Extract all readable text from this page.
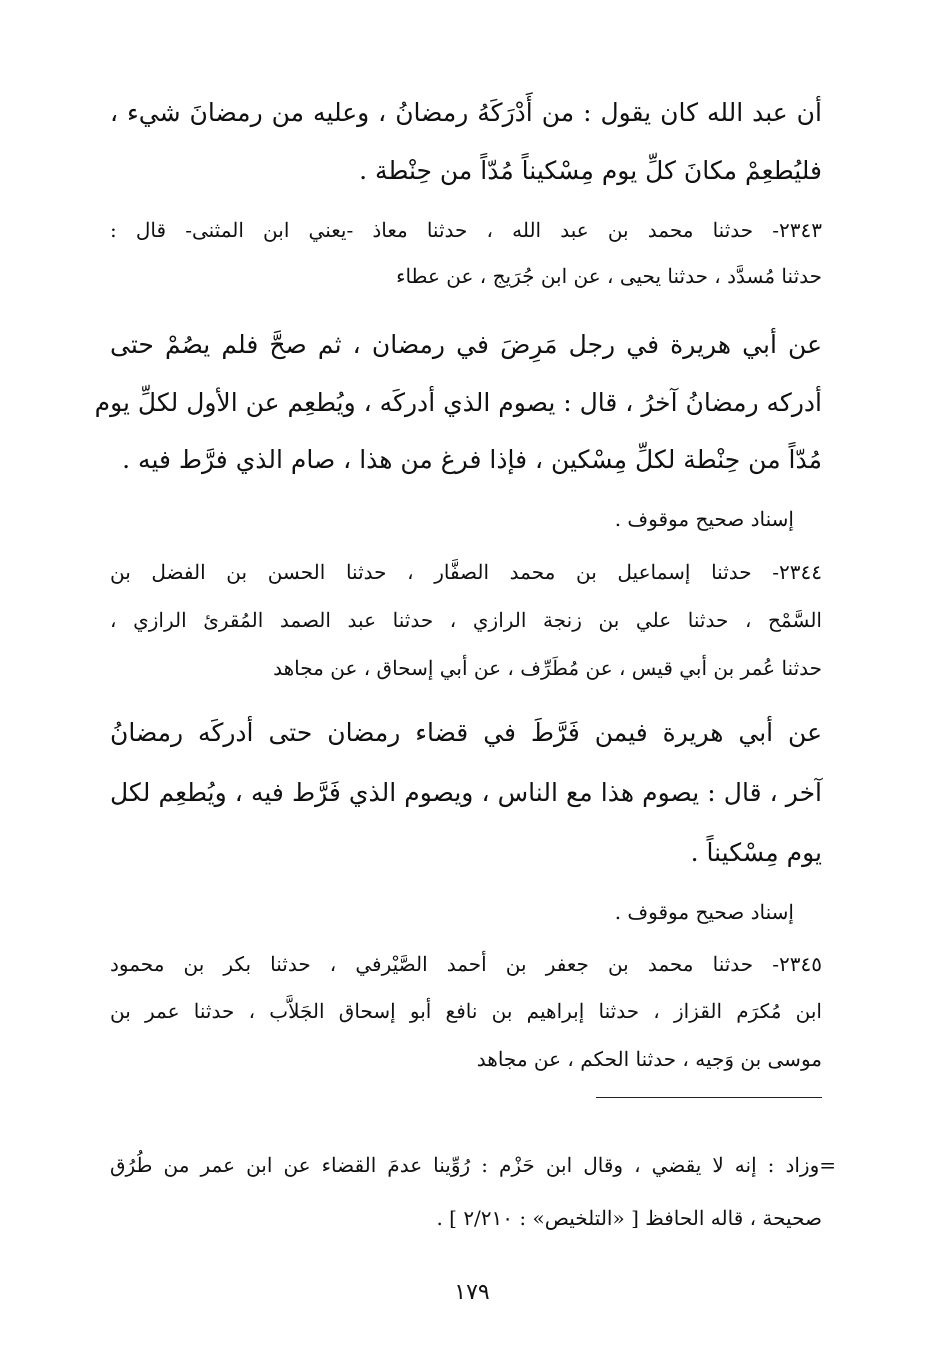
أن عبد الله كان يقول : من أَدْرَكَهُ رمضانُ ، وعليه من رمضانَ شيء ،
فليُطعِمْ مكانَ كلِّ يوم مِسْكيناً مُدّاً من حِنْطة .
٢٣٤٣- حدثنا محمد بن عبد الله ، حدثنا معاذ -يعني ابن المثنى- قال :
حدثنا مُسدَّد ، حدثنا يحيى ، عن ابن جُرَيج ، عن عطاء
عن أبي هريرة في رجل مَرِضَ في رمضان ، ثم صحَّ فلم يصُمْ حتى
أدركه رمضانُ آخرُ ، قال : يصوم الذي أدركَه ، ويُطعِم عن الأول لكلِّ يوم
مُدّاً من حِنْطة لكلِّ مِسْكين ، فإذا فرغ من هذا ، صام الذي فرَّط فيه .
إسناد صحيح موقوف .
٢٣٤٤- حدثنا إسماعيل بن محمد الصفَّار ، حدثنا الحسن بن الفضل بن
السَّمْح ، حدثنا علي بن زنجة الرازي ، حدثنا عبد الصمد المُقرئ الرازي ،
حدثنا عُمر بن أبي قيس ، عن مُطَرِّف ، عن أبي إسحاق ، عن مجاهد
عن أبي هريرة فيمن فَرَّطَ في قضاء رمضان حتى أدركَه رمضانُ
آخر ، قال : يصوم هذا مع الناس ، ويصوم الذي فَرَّط فيه ، ويُطعِم لكل
يوم مِسْكيناً .
إسناد صحيح موقوف .
٢٣٤٥- حدثنا محمد بن جعفر بن أحمد الصَّيْرفي ، حدثنا بكر بن محمود
ابن مُكرَم القزاز ، حدثنا إبراهيم بن نافع أبو إسحاق الجَلاَّب ، حدثنا عمر بن
موسى بن وَجيه ، حدثنا الحكم ، عن مجاهد
=وزاد : إنه لا يقضي ، وقال ابن حَزْم : رُوِّينا عدمَ القضاء عن ابن عمر من طُرُق
صحيحة ، قاله الحافظ [ «التلخيص» : ٢/٢١٠ ] .
١٧٩
